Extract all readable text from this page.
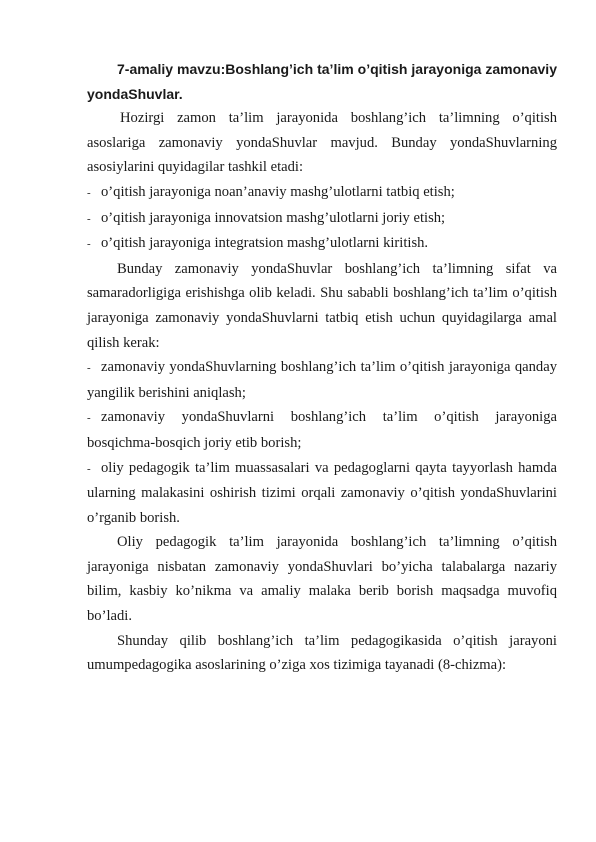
7-amaliy mavzu:Boshlang’ich ta’lim o’qitish jarayoniga zamonaviy yondaShuvlar.

Hozirgi zamon ta’lim jarayonida boshlang’ich ta’limning o’qitish asoslariga zamonaviy yondaShuvlar mavjud. Bunday yondaShuvlarning asosiylarini quyidagilar tashkil etadi:

- o’qitish jarayoniga noan’anaviy mashg’ulotlarni tatbiq etish;
- o’qitish jarayoniga innovatsion mashg’ulotlarni joriy etish;
- o’qitish jarayoniga integratsion mashg’ulotlarni kiritish.

Bunday zamonaviy yondaShuvlar boshlang’ich ta’limning sifat va samaradorligiga erishishga olib keladi. Shu sababli boshlang’ich ta’lim o’qitish jarayoniga zamonaviy yondaShuvlarni tatbiq etish uchun quyidagilarga amal qilish kerak:

- zamonaviy yondaShuvlarning boshlang’ich ta’lim o’qitish jarayoniga qanday yangilik berishini aniqlash;
- zamonaviy yondaShuvlarni boshlang’ich ta’lim o’qitish jarayoniga bosqichma-bosqich joriy etib borish;
- oliy pedagogik ta’lim muassasalari va pedagoglarni qayta tayyorlash hamda ularning malakasini oshirish tizimi orqali zamonaviy o’qitish yondaShuvlarini o’rganib borish.

Oliy pedagogik ta’lim jarayonida boshlang’ich ta’limning o’qitish jarayoniga nisbatan zamonaviy yondaShuvlari bo’yicha talabalarga nazariy bilim, kasbiy ko’nikma va amaliy malaka berib borish maqsadga muvofiq bo’ladi.

Shunday qilib boshlang’ich ta’lim pedagogikasida o’qitish jarayoni umumpedagogika asoslarining o’ziga xos tizimiga tayanadi (8-chizma):
